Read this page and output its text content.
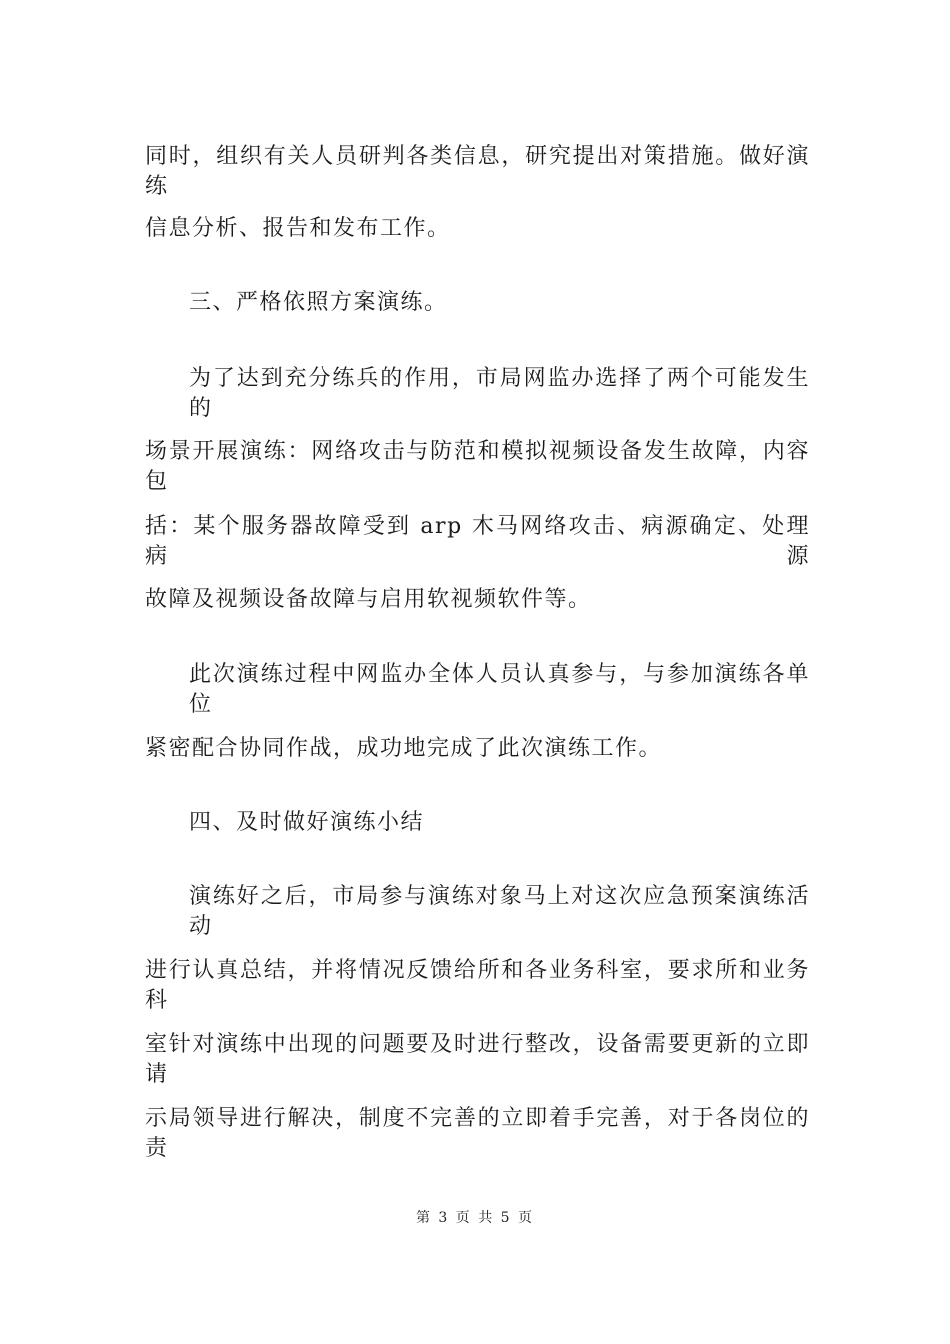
同时，组织有关人员研判各类信息，研究提出对策措施。做好演练
信息分析、报告和发布工作。
三、严格依照方案演练。
为了达到充分练兵的作用，市局网监办选择了两个可能发生的
场景开展演练：网络攻击与防范和模拟视频设备发生故障，内容包
括：某个服务器故障受到 arp 木马网络攻击、病源确定、处理病源
故障及视频设备故障与启用软视频软件等。
此次演练过程中网监办全体人员认真参与，与参加演练各单位
紧密配合协同作战，成功地完成了此次演练工作。
四、及时做好演练小结
演练好之后，市局参与演练对象马上对这次应急预案演练活动
进行认真总结，并将情况反馈给所和各业务科室，要求所和业务科
室针对演练中出现的问题要及时进行整改，设备需要更新的立即请
示局领导进行解决，制度不完善的立即着手完善，对于各岗位的责
第 3 页 共 5 页
